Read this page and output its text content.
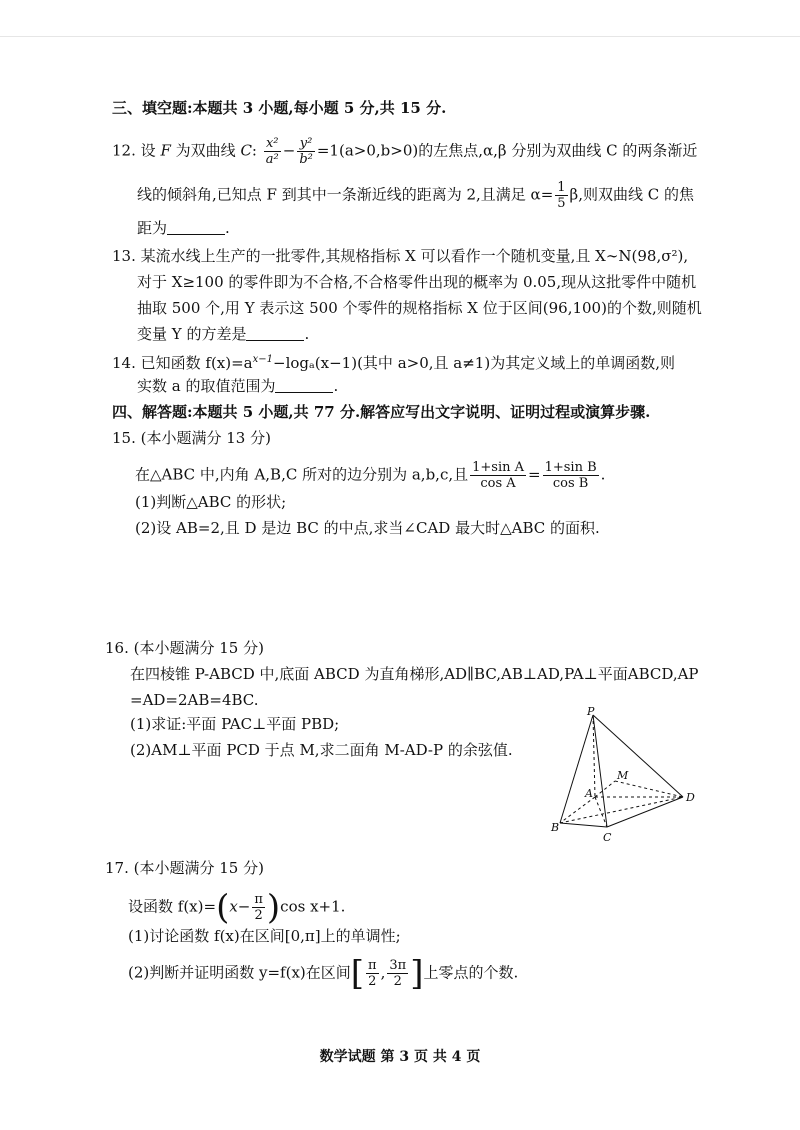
三、填空题:本题共 3 小题,每小题 5 分,共 15 分.
12. 设 F 为双曲线 C: $\frac{\text{x²}}{\text{a²}} - \frac{\text{y²}}{\text{b²}} =1(a>0,b>0)$的左焦点,α,β 分别为双曲线 C 的两条渐近
线的倾斜角,已知点 F 到其中一条渐近线的距离为 2,且满足 $\alpha= \frac{1}{5} \beta$,则双曲线 C 的焦
距为	.
13. 某流水线上生产的一批零件,其规格指标 X 可以看作一个随机变量,且 X∼N(98,σ²),
对于 X≥100 的零件即为不合格,不合格零件出现的概率为 0.05,现从这批零件中随机
抽取 500 个,用 Y 表示这 500 个零件的规格指标 X 位于区间(96,100)的个数,则随机
变量 Y 的方差是	.
14. 已知函数 $f(x)=a^{x-1}-\log_a(x-1)$(其中 a>0,且 a≠1)为其定义域上的单调函数,则
实数 a 的取值范围为	.
四、解答题:本题共 5 小题,共 77 分.解答应写出文字说明、证明过程或演算步骤.
15. (本小题满分 13 分)
在△ABC 中,内角 A,B,C 所对的边分别为 a,b,c,且 $\frac{\text{1+sin A}}{\text{cos A}} = \frac{\text{1+sin B}}{\text{cos B}}$ .
(1)判断△ABC 的形状;
(2)设 AB=2,且 D 是边 BC 的中点,求当∠CAD 最大时△ABC 的面积.
16. (本小题满分 15 分)
在四棱锥 P-ABCD 中,底面 ABCD 为直角梯形,AD∥BC,AB⊥AD,PA⊥平面ABCD,AP
=AD=2AB=4BC.
(1)求证:平面 PAC⊥平面 PBD;
(2)AM⊥平面 PCD 于点 M,求二面角 M-AD-P 的余弦值.
P
M
A	D
B
C
17. (本小题满分 15 分)
设函数 $f(x)=(x- \frac{\pi}{2} )\cos$ x+1.
(1)讨论函数 f(x)在区间[0,π]上的单调性;
(2)判断并证明函数 y=f(x)在区间[ $\frac{\pi}{2}$ , $\frac{3\pi}{2}$ ]上零点的个数.
数学试题 第 3 页 共 4 页
